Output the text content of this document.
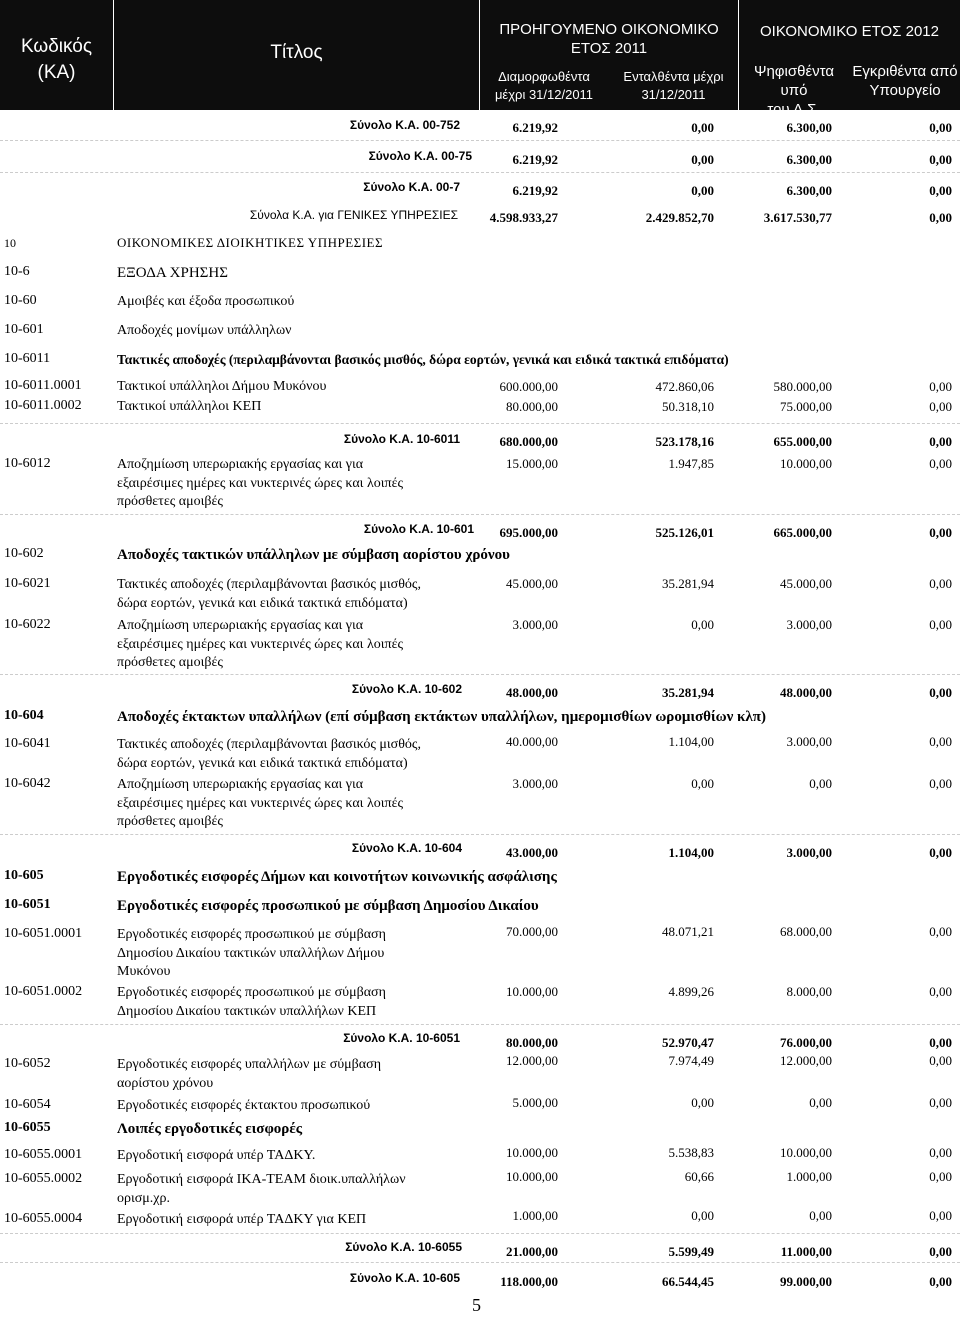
Κωδικός
(ΚΑ)
Τίτλος
ΠΡΟΗΓΟΥΜΕΝΟ ΟΙΚΟΝΟΜΙΚΟ
ΕΤΟΣ 2011
Διαμορφωθέντα
μέχρι 31/12/2011
Ενταλθέντα μέχρι
31/12/2011
ΟΙΚΟΝΟΜΙΚΟ ΕΤΟΣ 2012
Ψηφισθέντα υπό
του Δ.Σ.
Εγκριθέντα από
Υπουργείο
Σύνολο Κ.Α. 00-752	6.219,92	0,00	6.300,00	0,00
Σύνολο Κ.Α. 00-75	6.219,92	0,00	6.300,00	0,00
Σύνολο Κ.Α. 00-7	6.219,92	0,00	6.300,00	0,00
Σύνολα Κ.Α. για ΓΕΝΙΚΕΣ ΥΠΗΡΕΣΙΕΣ 4.598.933,27	2.429.852,70	3.617.530,77	0,00
10	ΟΙΚΟΝΟΜΙΚΕΣ ΔΙΟΙΚΗΤΙΚΕΣ ΥΠΗΡΕΣΙΕΣ
10-6	ΕΞΟΔΑ ΧΡΗΣΗΣ
10-60	Αμοιβές και έξοδα προσωπικού
10-601	Αποδοχές μονίμων υπάλληλων
10-6011	Τακτικές αποδοχές (περιλαμβάνονται βασικός μισθός, δώρα εορτών, γενικά και ειδικά τακτικά επιδόματα)
10-6011.0001	Τακτικοί υπάλληλοι Δήμου Μυκόνου	600.000,00	472.860,06	580.000,00	0,00
10-6011.0002	Τακτικοί υπάλληλοι ΚΕΠ	80.000,00	50.318,10	75.000,00	0,00
Σύνολο Κ.Α. 10-6011	680.000,00	523.178,16	655.000,00	0,00
10-6012	Αποζημίωση υπερωριακής εργασίας και για
εξαιρέσιμες ημέρες και νυκτερινές ώρες και λοιπές
πρόσθετες αμοιβές
15.000,00	1.947,85	10.000,00	0,00
Σύνολο Κ.Α. 10-601 695.000,00	525.126,01	665.000,00	0,00
10-602	Αποδοχές τακτικών υπάλληλων με σύμβαση αορίστου χρόνου
10-6021	Τακτικές αποδοχές (περιλαμβάνονται βασικός μισθός,
δώρα εορτών, γενικά και ειδικά τακτικά επιδόματα)
45.000,00	35.281,94	45.000,00	0,00
10-6022	Αποζημίωση υπερωριακής εργασίας και για
εξαιρέσιμες ημέρες και νυκτερινές ώρες και λοιπές
πρόσθετες αμοιβές
3.000,00	0,00	3.000,00	0,00
Σύνολο Κ.Α. 10-602	48.000,00	35.281,94	48.000,00	0,00
10-604	Αποδοχές έκτακτων υπαλλήλων (επί σύμβαση εκτάκτων υπαλλήλων, ημερομισθίων ωρομισθίων κλπ)
10-6041	Τακτικές αποδοχές (περιλαμβάνονται βασικός μισθός,
δώρα εορτών, γενικά και ειδικά τακτικά επιδόματα)
40.000,00	1.104,00	3.000,00	0,00
10-6042	Αποζημίωση υπερωριακής εργασίας και για
εξαιρέσιμες ημέρες και νυκτερινές ώρες και λοιπές
πρόσθετες αμοιβές
3.000,00	0,00	0,00	0,00
Σύνολο Κ.Α. 10-604	43.000,00	1.104,00	3.000,00	0,00
10-605	Εργοδοτικές εισφορές Δήμων και κοινοτήτων κοινωνικής ασφάλισης
10-6051	Εργοδοτικές εισφορές προσωπικού με σύμβαση Δημοσίου Δικαίου
10-6051.0001 Εργοδοτικές εισφορές προσωπικού με σύμβαση
Δημοσίου Δικαίου τακτικών υπαλλήλων Δήμου
Μυκόνου
70.000,00	48.071,21	68.000,00	0,00
10-6051.0002 Εργοδοτικές εισφορές προσωπικού με σύμβαση
Δημοσίου Δικαίου τακτικών υπαλλήλων ΚΕΠ
10.000,00	4.899,26	8.000,00	0,00
Σύνολο Κ.Α. 10-6051	80.000,00	52.970,47	76.000,00	0,00
10-6052	Εργοδοτικές εισφορές υπαλλήλων με σύμβαση
αορίστου χρόνου
12.000,00	7.974,49	12.000,00	0,00
10-6054	Εργοδοτικές εισφορές έκτακτου προσωπικού	5.000,00	0,00	0,00	0,00
10-6055	Λοιπές εργοδοτικές εισφορές
10-6055.0001 Εργοδοτική εισφορά υπέρ ΤΑΔΚΥ.	10.000,00	5.538,83	10.000,00	0,00
10-6055.0002 Εργοδοτική εισφορά ΙΚΑ-ΤΕΑΜ διοικ.υπαλλήλων
ορισμ.χρ.
10.000,00	60,66	1.000,00	0,00
10-6055.0004 Εργοδοτική εισφορά υπέρ ΤΑΔΚΥ για ΚΕΠ	1.000,00	0,00	0,00	0,00
Σύνολο Κ.Α. 10-6055	21.000,00	5.599,49	11.000,00	0,00
Σύνολο Κ.Α. 10-605	118.000,00	66.544,45	99.000,00	0,00
5
